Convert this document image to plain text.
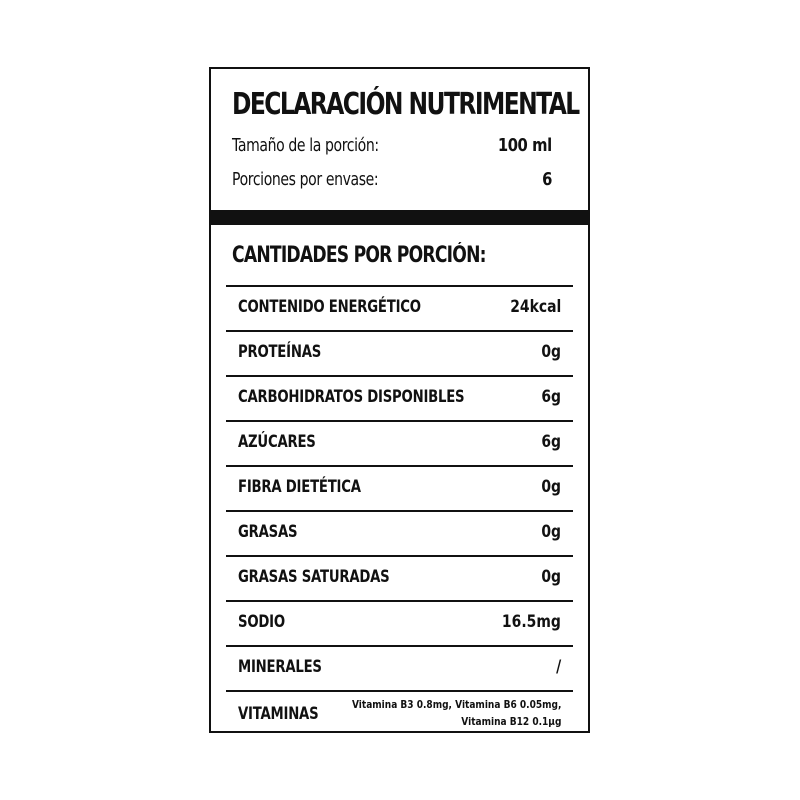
DECLARACIÓN NUTRIMENTAL
Tamaño de la porción:	100 ml
Porciones por envase:	6
CANTIDADES POR PORCIÓN:
CONTENIDO ENERGÉTICO	24kcal
PROTEÍNAS	0g
CARBOHIDRATOS DISPONIBLES	6g
AZÚCARES	6g
FIBRA DIETÉTICA	0g
GRASAS	0g
GRASAS SATURADAS	0g
SODIO	16.5mg
MINERALES	/
VITAMINAS	Vitamina B3 0.8mg, Vitamina B6 0.05mg,
Vitamina B12 0.1µg
